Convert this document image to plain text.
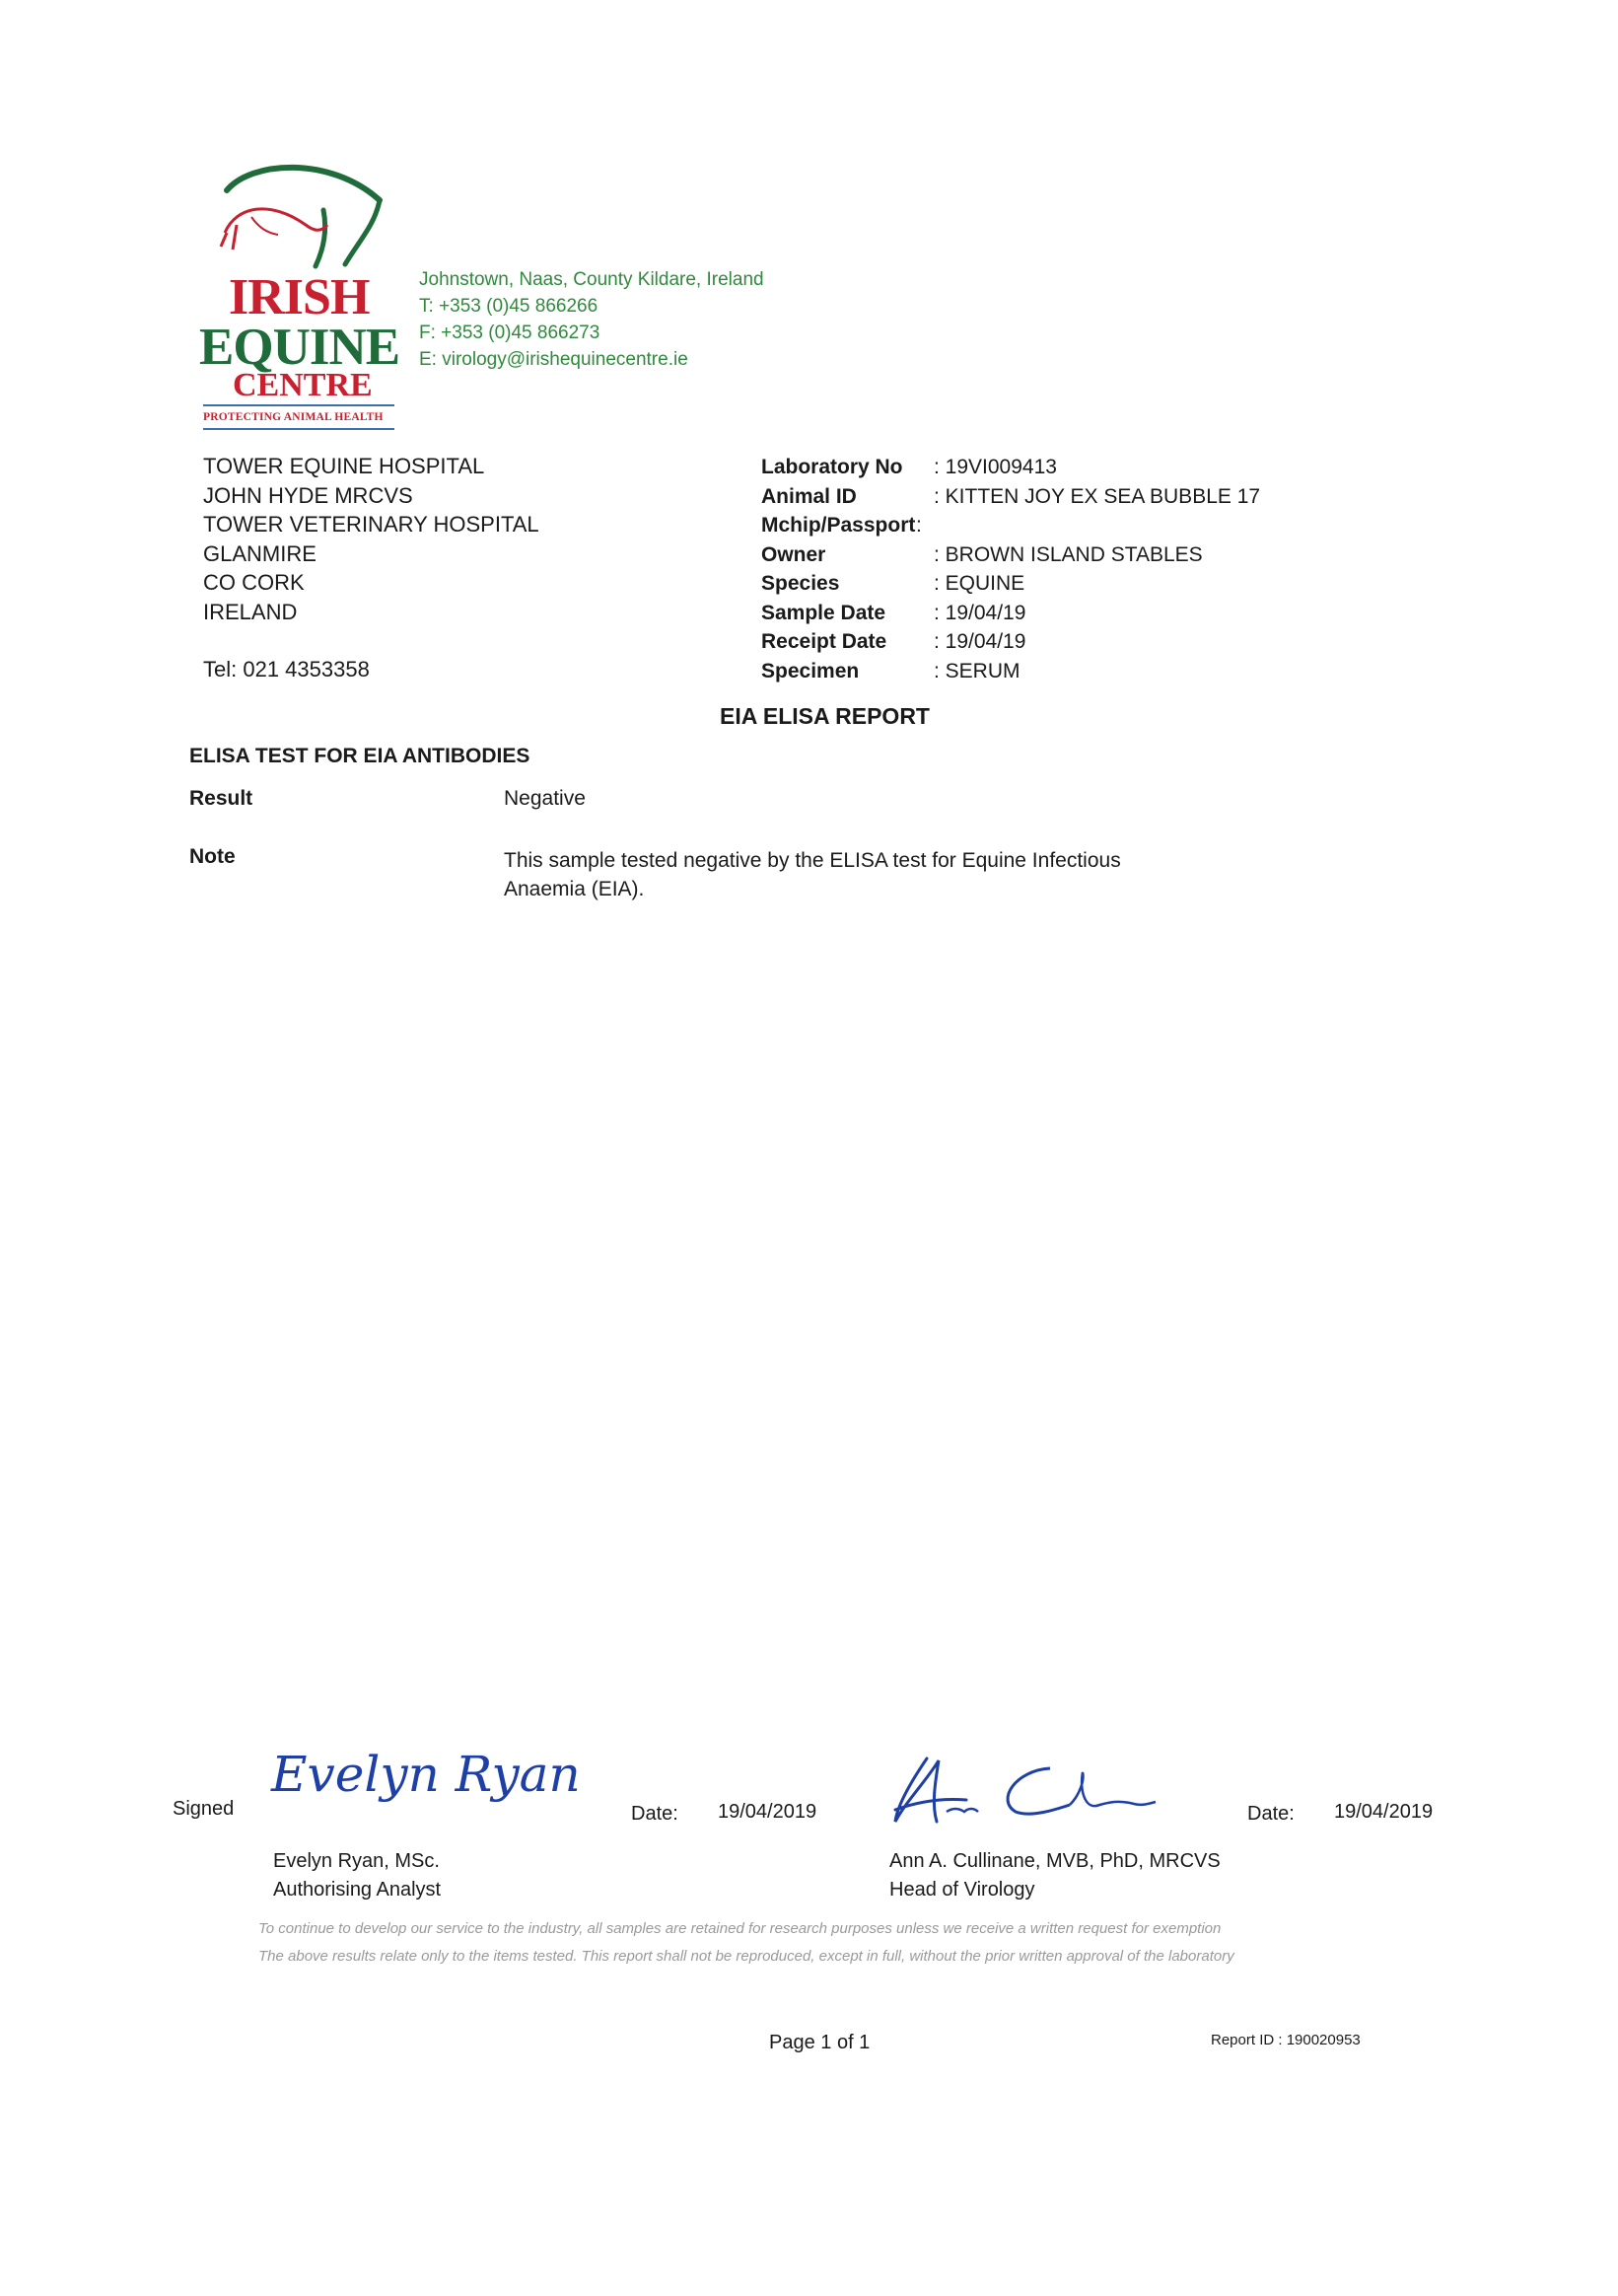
IRISH
EQUINE
CENTRE
PROTECTING ANIMAL HEALTH
Johnstown, Naas, County Kildare, Ireland
T: +353 (0)45 866266
F: +353 (0)45 866273
E: virology@irishequinecentre.ie
TOWER EQUINE HOSPITAL
JOHN HYDE MRCVS
TOWER VETERINARY HOSPITAL
GLANMIRE
CO CORK
IRELAND
Tel: 021 4353358
Laboratory No : 19VI009413
Animal ID	: KITTEN JOY EX SEA BUBBLE 17
Mchip/Passport :
Owner	: BROWN ISLAND STABLES
Species	: EQUINE
Sample Date : 19/04/19
Receipt Date : 19/04/19
Specimen	: SERUM
EIA ELISA REPORT
ELISA TEST FOR EIA ANTIBODIES
Result	Negative
Note	This sample tested negative by the ELISA test for Equine Infectious
Anaemia (EIA).
Signed
Evelyn Ryan
Date: 19/04/2019	Date: 19/04/2019
Evelyn Ryan, MSc.
Authorising Analyst
Ann A. Cullinane, MVB, PhD, MRCVS
Head of Virology
To continue to develop our service to the industry, all samples are retained for research purposes unless we receive a written request for exemption
The above results relate only to the items tested. This report shall not be reproduced, except in full, without the prior written approval of the laboratory
Page 1 of 1	Report ID : 190020953
